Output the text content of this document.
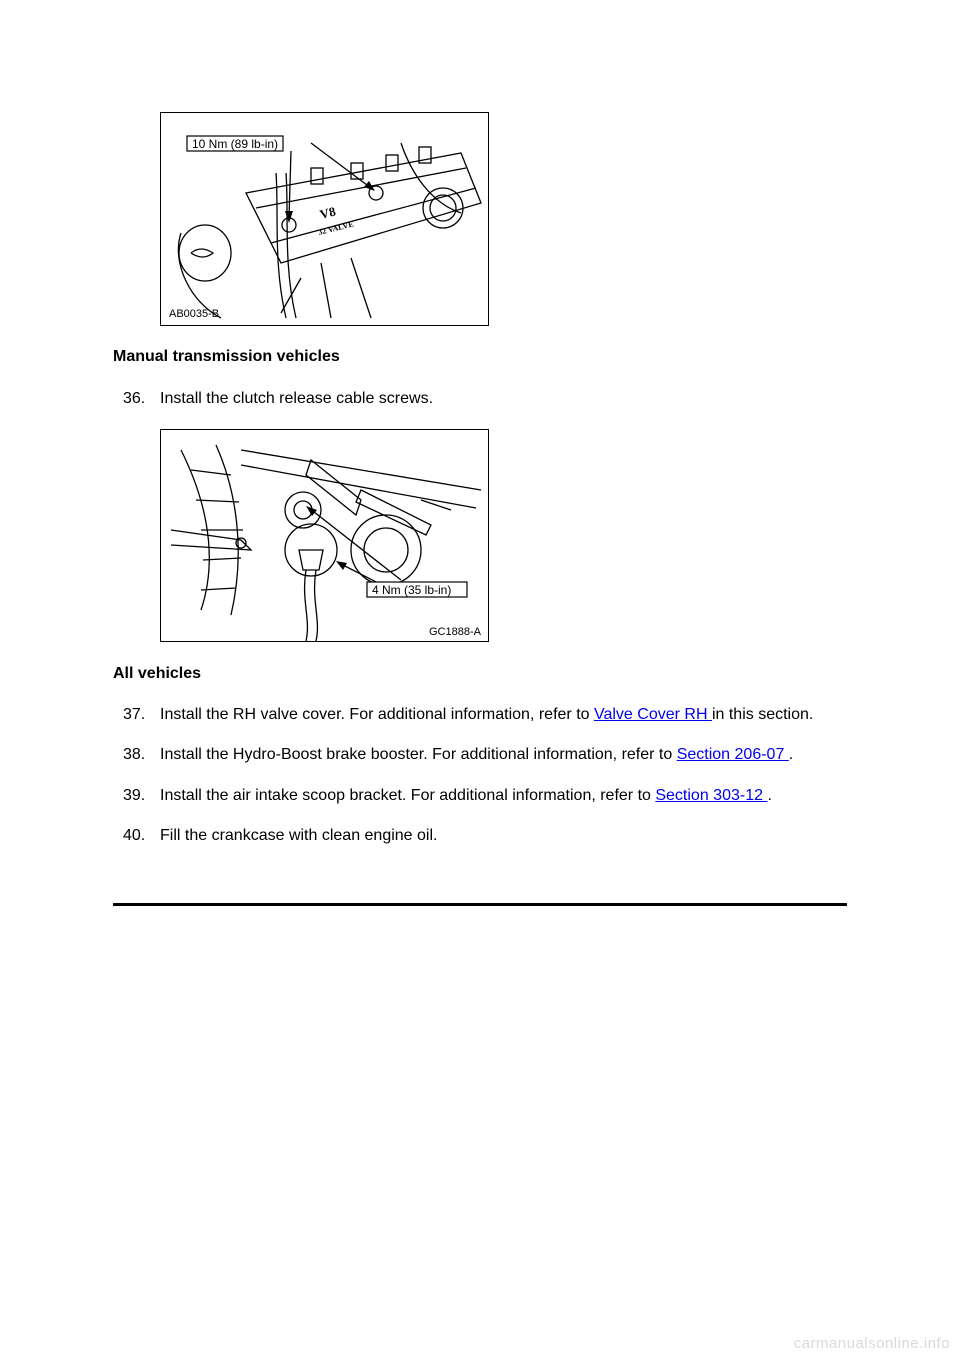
10 Nm (89 lb-in)
V8
32 VALVE
AB0035-B
Manual transmission vehicles
36. Install the clutch release cable screws.
4 Nm (35 lb-in)
GC1888-A
All vehicles
37. Install the RH valve cover. For additional information, refer to Valve Cover RH in this section.
38. Install the Hydro-Boost brake booster. For additional information, refer to Section 206-07 .
39. Install the air intake scoop bracket. For additional information, refer to Section 303-12 .
40. Fill the crankcase with clean engine oil.
carmanualsonline.info
